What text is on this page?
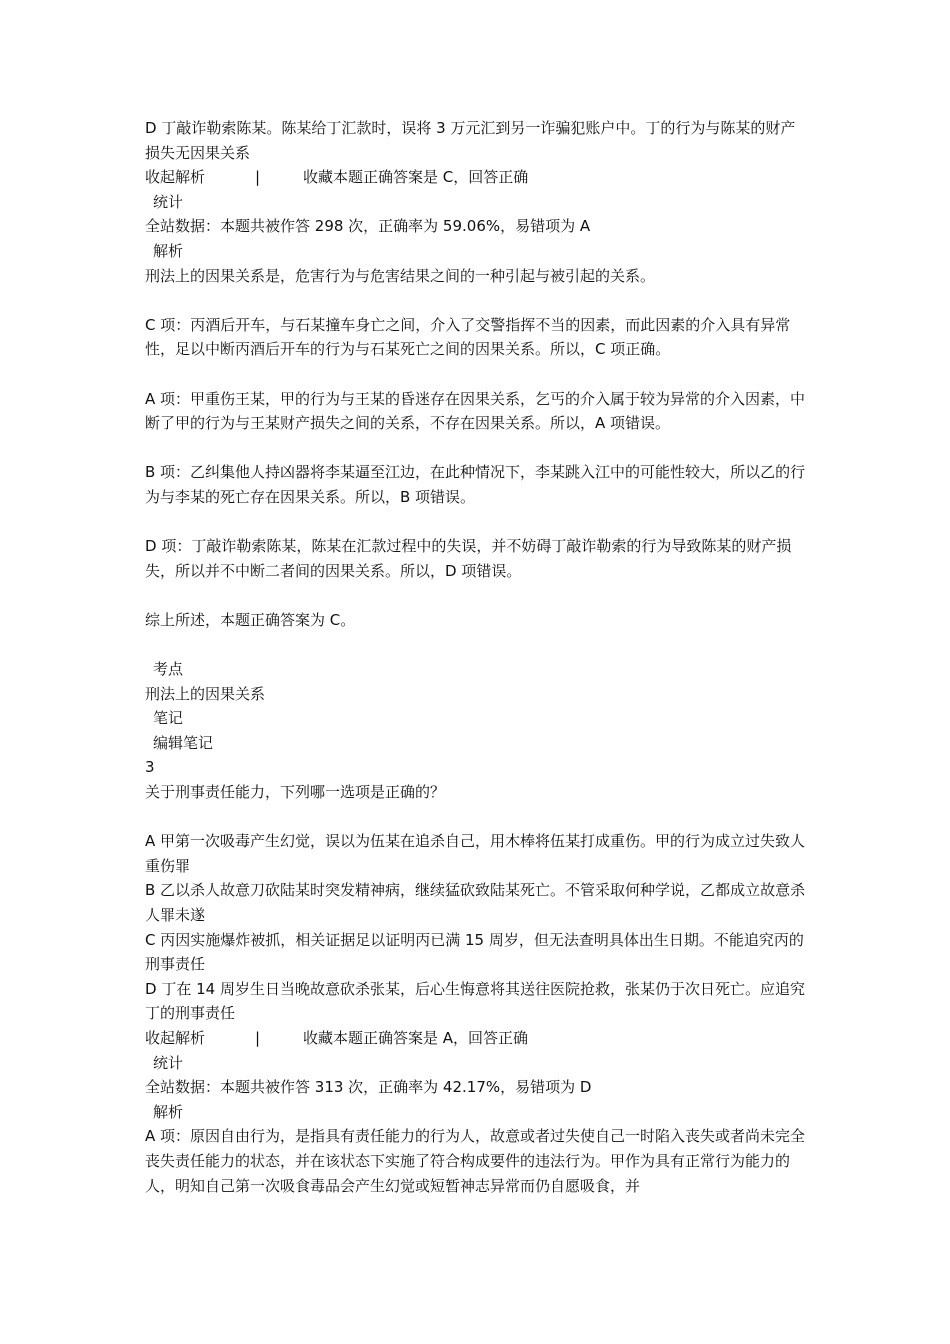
D 丁敲诈勒索陈某。陈某给丁汇款时，误将 3 万元汇到另一诈骗犯账户中。丁的行为与陈某的财产损失无因果关系
收起解析	|	收藏本题 正确答案是 C，回答正确
统计
全站数据：本题共被作答 298 次，正确率为 59.06%，易错项为 A
解析
刑法上的因果关系是，危害行为与危害结果之间的一种引起与被引起的关系。
C 项：丙酒后开车，与石某撞车身亡之间，介入了交警指挥不当的因素，而此因素的介入具有异常性，足以中断丙酒后开车的行为与石某死亡之间的因果关系。所以，C 项正确。
A 项：甲重伤王某，甲的行为与王某的昏迷存在因果关系，乞丐的介入属于较为异常的介入因素，中断了甲的行为与王某财产损失之间的关系，不存在因果关系。所以，A 项错误。
B 项：乙纠集他人持凶器将李某逼至江边，在此种情况下，李某跳入江中的可能性较大，所以乙的行为与李某的死亡存在因果关系。所以，B 项错误。
D 项：丁敲诈勒索陈某，陈某在汇款过程中的失误，并不妨碍丁敲诈勒索的行为导致陈某的财产损失，所以并不中断二者间的因果关系。所以，D 项错误。
综上所述，本题正确答案为 C。
考点
刑法上的因果关系
笔记
编辑笔记
3
关于刑事责任能力，下列哪一选项是正确的？
A 甲第一次吸毒产生幻觉，误以为伍某在追杀自己，用木棒将伍某打成重伤。甲的行为成立过失致人重伤罪
B 乙以杀人故意刀砍陆某时突发精神病，继续猛砍致陆某死亡。不管采取何种学说，乙都成立故意杀人罪未遂
C 丙因实施爆炸被抓，相关证据足以证明丙已满 15 周岁，但无法查明具体出生日期。不能追究丙的刑事责任
D 丁在 14 周岁生日当晚故意砍杀张某，后心生悔意将其送往医院抢救，张某仍于次日死亡。应追究丁的刑事责任
收起解析	|	收藏本题 正确答案是 A，回答正确
统计
全站数据：本题共被作答 313 次，正确率为 42.17%，易错项为 D
解析
A 项：原因自由行为，是指具有责任能力的行为人，故意或者过失使自己一时陷入丧失或者尚未完全丧失责任能力的状态，并在该状态下实施了符合构成要件的违法行为。甲作为具有正常行为能力的人，明知自己第一次吸食毒品会产生幻觉或短暂神志异常而仍自愿吸食，并
